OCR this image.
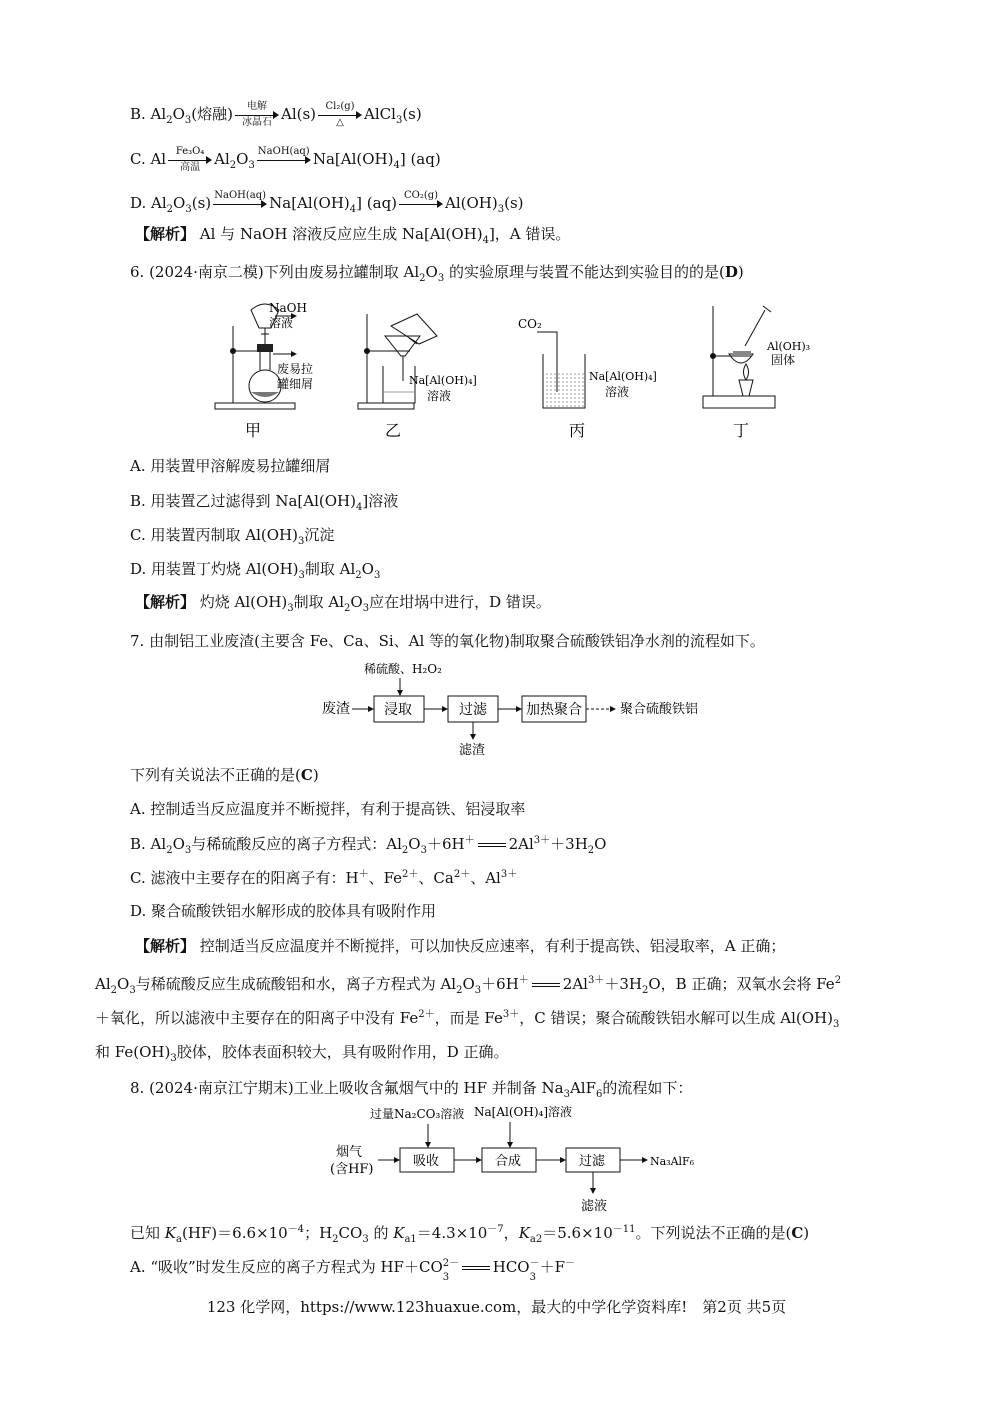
B. $Al_2O_3$(熔融)	电解
冰晶石 Al(s) Cl₂(g)
△	AlCl$_3$(s)
C. Al Fe₃O₄
高温 $Al_2O_3$
NaOH(aq) $Na[Al(OH)_4]$ (aq)
D. $Al_2O_3(s)$ NaOH(aq) $Na[Al(OH)_4]$ (aq) CO₂(g) $Al(OH)_3(s)$
【解析】 Al 与 NaOH 溶液反应应生成 $Na[Al(OH)_4]$，A 错误。
6. (2024·南京二模)下列由废易拉罐制取 $Al_2O_3$ 的实验原理与装置不能达到实验目的的是(D)
NaOH
溶液
废易拉
罐细屑
甲
Na[Al(OH)₄]
溶液
乙
CO₂
Na[Al(OH)₄]
溶液
丙
Al(OH)₃
固体
丁
A. 用装置甲溶解废易拉罐细屑
B. 用装置乙过滤得到 $Na[Al(OH)_4]$溶液
C. 用装置丙制取 $Al(OH)_3$沉淀
D. 用装置丁灼烧 $Al(OH)_3$制取 $Al_2O_3$
【解析】 灼烧 $Al(OH)_3$制取 $Al_2O_3$应在坩埚中进行，D 错误。
7. 由制铝工业废渣(主要含 Fe、Ca、Si、Al 等的氧化物)制取聚合硫酸铁铝净水剂的流程如下。
稀硫酸、H₂O₂
废渣 浸取	过滤	加热聚合	聚合硫酸铁铝
滤渣
下列有关说法不正确的是(C)
A. 控制适当反应温度并不断搅拌，有利于提高铁、铝浸取率
B. $Al_2O_3$与稀硫酸反应的离子方程式：$Al_2O_3+6H^+$ $2Al^{3+}+3H_2O$
C. 滤液中主要存在的阳离子有：H＋、$Fe^{2+}$、$Ca^{2+}$、$Al^{3+}$
D. 聚合硫酸铁铝水解形成的胶体具有吸附作用
【解析】 控制适当反应温度并不断搅拌，可以加快反应速率，有利于提高铁、铝浸取率，A 正确；
$Al_2O_3$与稀硫酸反应生成硫酸铝和水，离子方程式为 $Al_2O_3+6H^+$ $2Al^{3+}+3H_2O$，B 正确；双氧水会将 $Fe^2$
＋氧化，所以滤液中主要存在的阳离子中没有 $Fe^{2+}$，而是 $Fe^{3+}$，C 错误；聚合硫酸铁铝水解可以生成 $Al(OH)_3$
和 $Fe(OH)_3$胶体，胶体表面积较大，具有吸附作用，D 正确。
8. (2024·南京江宁期末)工业上吸收含氟烟气中的 HF 并制备 $Na_3AlF_6$的流程如下：
过量Na₂CO₃溶液 Na[Al(OH)₄]溶液
烟气
(含HF)
吸收	合成	过滤	Na₃AlF₆
滤液
已知 $K_a(HF)=6.6\times 10^{-4}$；$H_2CO_3$ 的 $K_{a1}=4.3\times 10^{-7}$，$K_{a2}=5.6\times 10^{-11}$。下列说法不正确的是(C)
A. “吸收”时发生反应的离子方程式为 HF＋CO 2－
3
HCO －
3
＋F－
123 化学网，https://www.123huaxue.com，最大的中学化学资料库!　第2页 共5页
